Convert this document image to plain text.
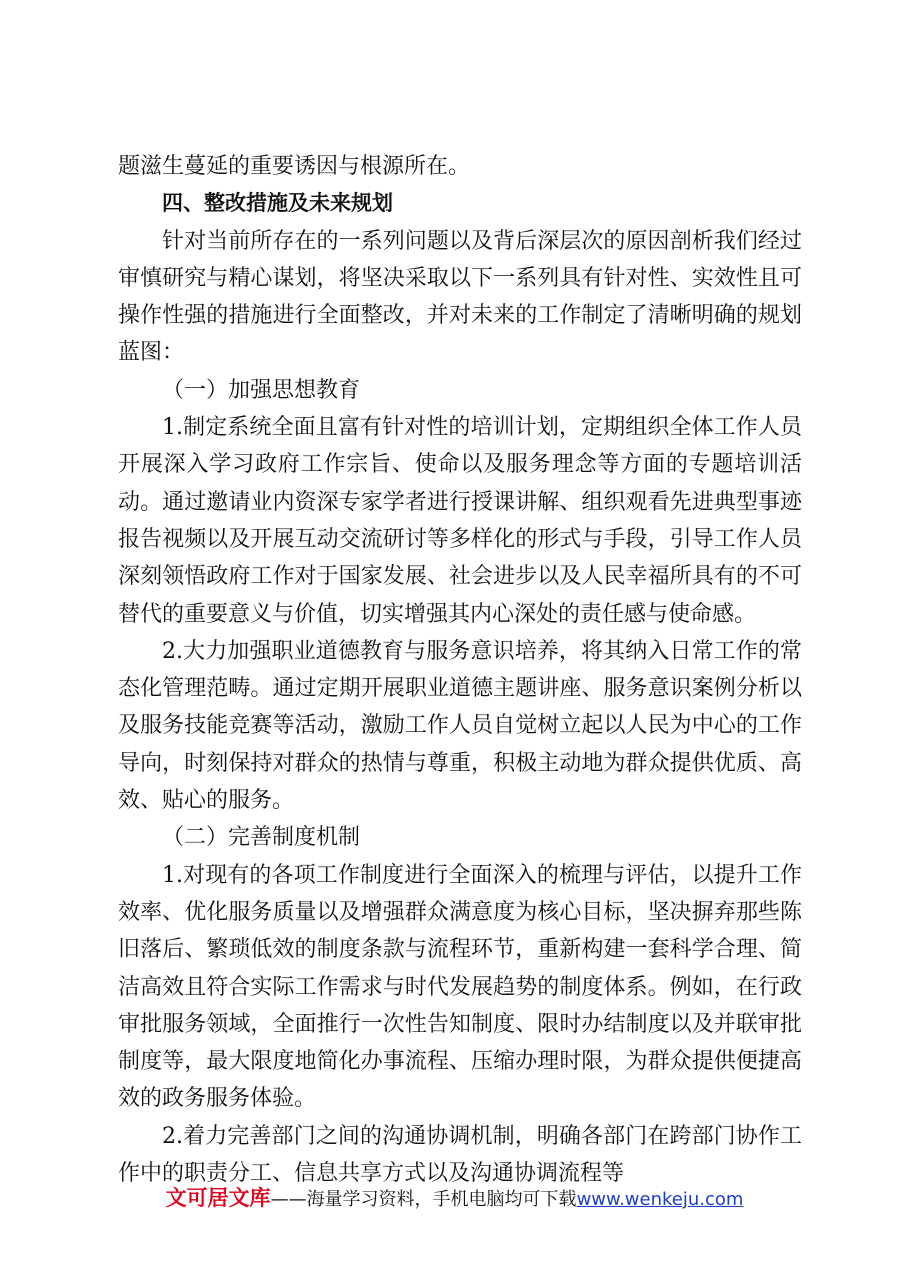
题滋生蔓延的重要诱因与根源所在。

四、整改措施及未来规划

针对当前所存在的一系列问题以及背后深层次的原因剖析我们经过审慎研究与精心谋划，将坚决采取以下一系列具有针对性、实效性且可操作性强的措施进行全面整改，并对未来的工作制定了清晰明确的规划蓝图：

（一）加强思想教育

1.制定系统全面且富有针对性的培训计划，定期组织全体工作人员开展深入学习政府工作宗旨、使命以及服务理念等方面的专题培训活动。通过邀请业内资深专家学者进行授课讲解、组织观看先进典型事迹报告视频以及开展互动交流研讨等多样化的形式与手段，引导工作人员深刻领悟政府工作对于国家发展、社会进步以及人民幸福所具有的不可替代的重要意义与价值，切实增强其内心深处的责任感与使命感。

2.大力加强职业道德教育与服务意识培养，将其纳入日常工作的常态化管理范畴。通过定期开展职业道德主题讲座、服务意识案例分析以及服务技能竞赛等活动，激励工作人员自觉树立起以人民为中心的工作导向，时刻保持对群众的热情与尊重，积极主动地为群众提供优质、高效、贴心的服务。

（二）完善制度机制

1.对现有的各项工作制度进行全面深入的梳理与评估，以提升工作效率、优化服务质量以及增强群众满意度为核心目标，坚决摒弃那些陈旧落后、繁琐低效的制度条款与流程环节，重新构建一套科学合理、简洁高效且符合实际工作需求与时代发展趋势的制度体系。例如，在行政审批服务领域，全面推行一次性告知制度、限时办结制度以及并联审批制度等，最大限度地简化办事流程、压缩办理时限，为群众提供便捷高效的政务服务体验。

2.着力完善部门之间的沟通协调机制，明确各部门在跨部门协作工作中的职责分工、信息共享方式以及沟通协调流程等

文可居文库——海量学习资料，手机电脑均可下载www.wenkeju.com
